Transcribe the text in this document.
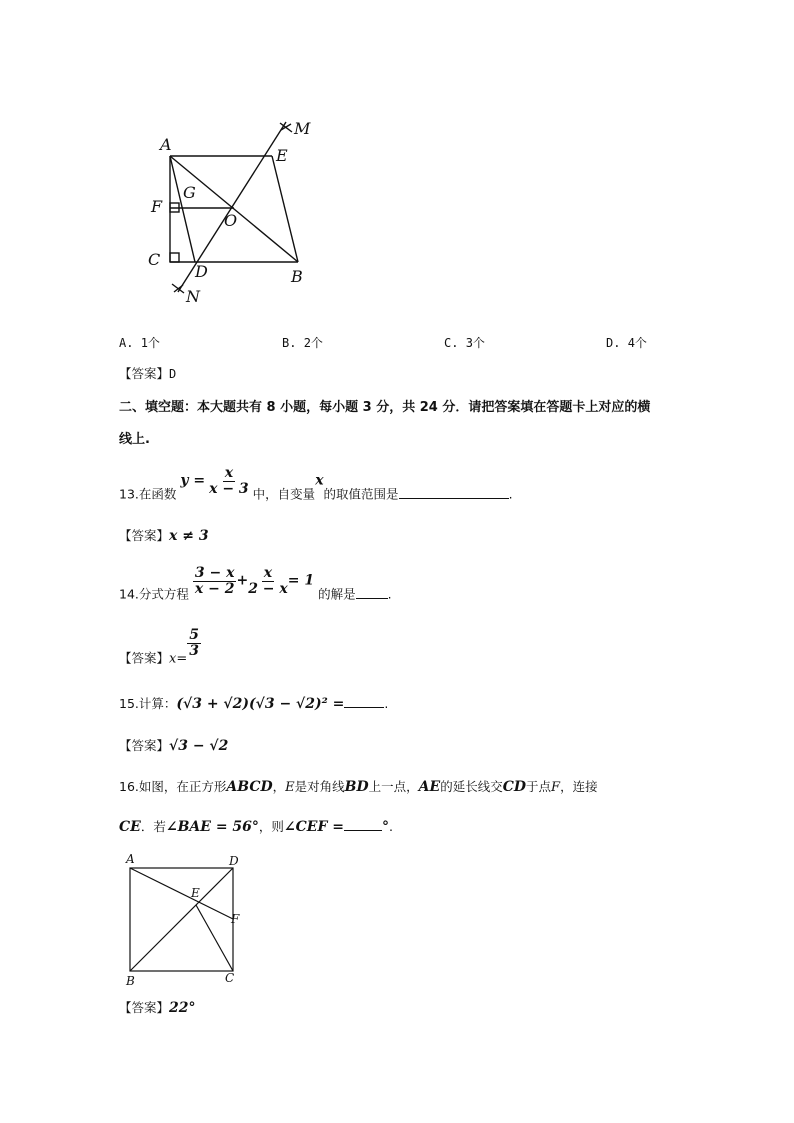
A
E
M
G
F
O
C
D	B
N
A. 1个	B. 2个	C. 3个	D. 4个
【答案】D
二、填空题：本大题共有 8 小题，每小题 3 分，共 24 分．请把答案填在答题卡上对应的横
线上.
13.在函数 $y = \frac{x}{x - 3}$ 中，自变量x的取值范围是	.
【答案】x ≠ 3
14.分式方程 $\frac{3 - x}{x - 2} + \frac{x}{2 - x} = 1$ 的解是	.
【答案】x=
$\frac{5}{3}$
15.计算：(√3 + √2)(√3 − √2)² =	.
【答案】√3 − √2
16.如图，在正方形ABCD，E是对角线BD上一点，AE的延长线交CD于点F，连接
CE．若∠BAE = 56°，则∠CEF =	°.
A	D
E
F
B	C
【答案】22°
